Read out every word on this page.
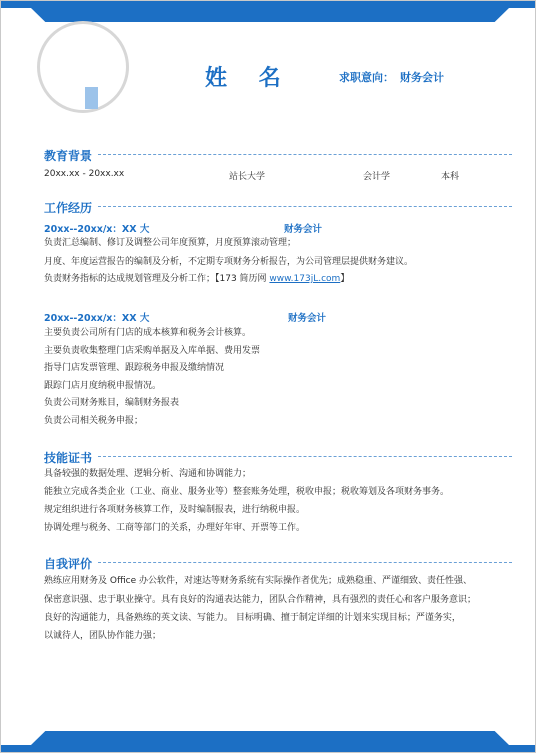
姓 名	求职意向： 财务会计
教育背景
20xx.xx - 20xx.xx	站长大学	会计学	本科
工作经历
20xx--20xx/x：XX 大	财务会计
负责汇总编制、修订及调整公司年度预算，月度预算滚动管理；
月度、年度运营报告的编制及分析，不定期专项财务分析报告，为公司管理层提供财务建议。
负责财务指标的达成规划管理及分析工作；【173 简历网 www.173jL.com】
20xx--20xx/x：XX 大	财务会计
主要负责公司所有门店的成本核算和税务会计核算。
主要负责收集整理门店采购单据及入库单据、费用发票
指导门店发票管理、跟踪税务申报及缴纳情况
跟踪门店月度纳税申报情况。
负责公司财务账目，编制财务报表
负责公司相关税务申报；
技能证书
具备较强的数据处理、逻辑分析、沟通和协调能力；
能独立完成各类企业（工业、商业、服务业等）整套账务处理，税收申报；税收筹划及各项财务事务。
规定组织进行各项财务核算工作，及时编制报表，进行纳税申报。
协调处理与税务、工商等部门的关系，办理好年审、开票等工作。
自我评价
熟练应用财务及 Office 办公软件，对速达等财务系统有实际操作者优先；成熟稳重、严谨细致、责任性强、
保密意识强、忠于职业操守。具有良好的沟通表达能力，团队合作精神，具有强烈的责任心和客户服务意识；
良好的沟通能力，具备熟练的英文读、写能力。 目标明确、擅于制定详细的计划来实现目标；严谨务实，
以诚待人，团队协作能力强；
